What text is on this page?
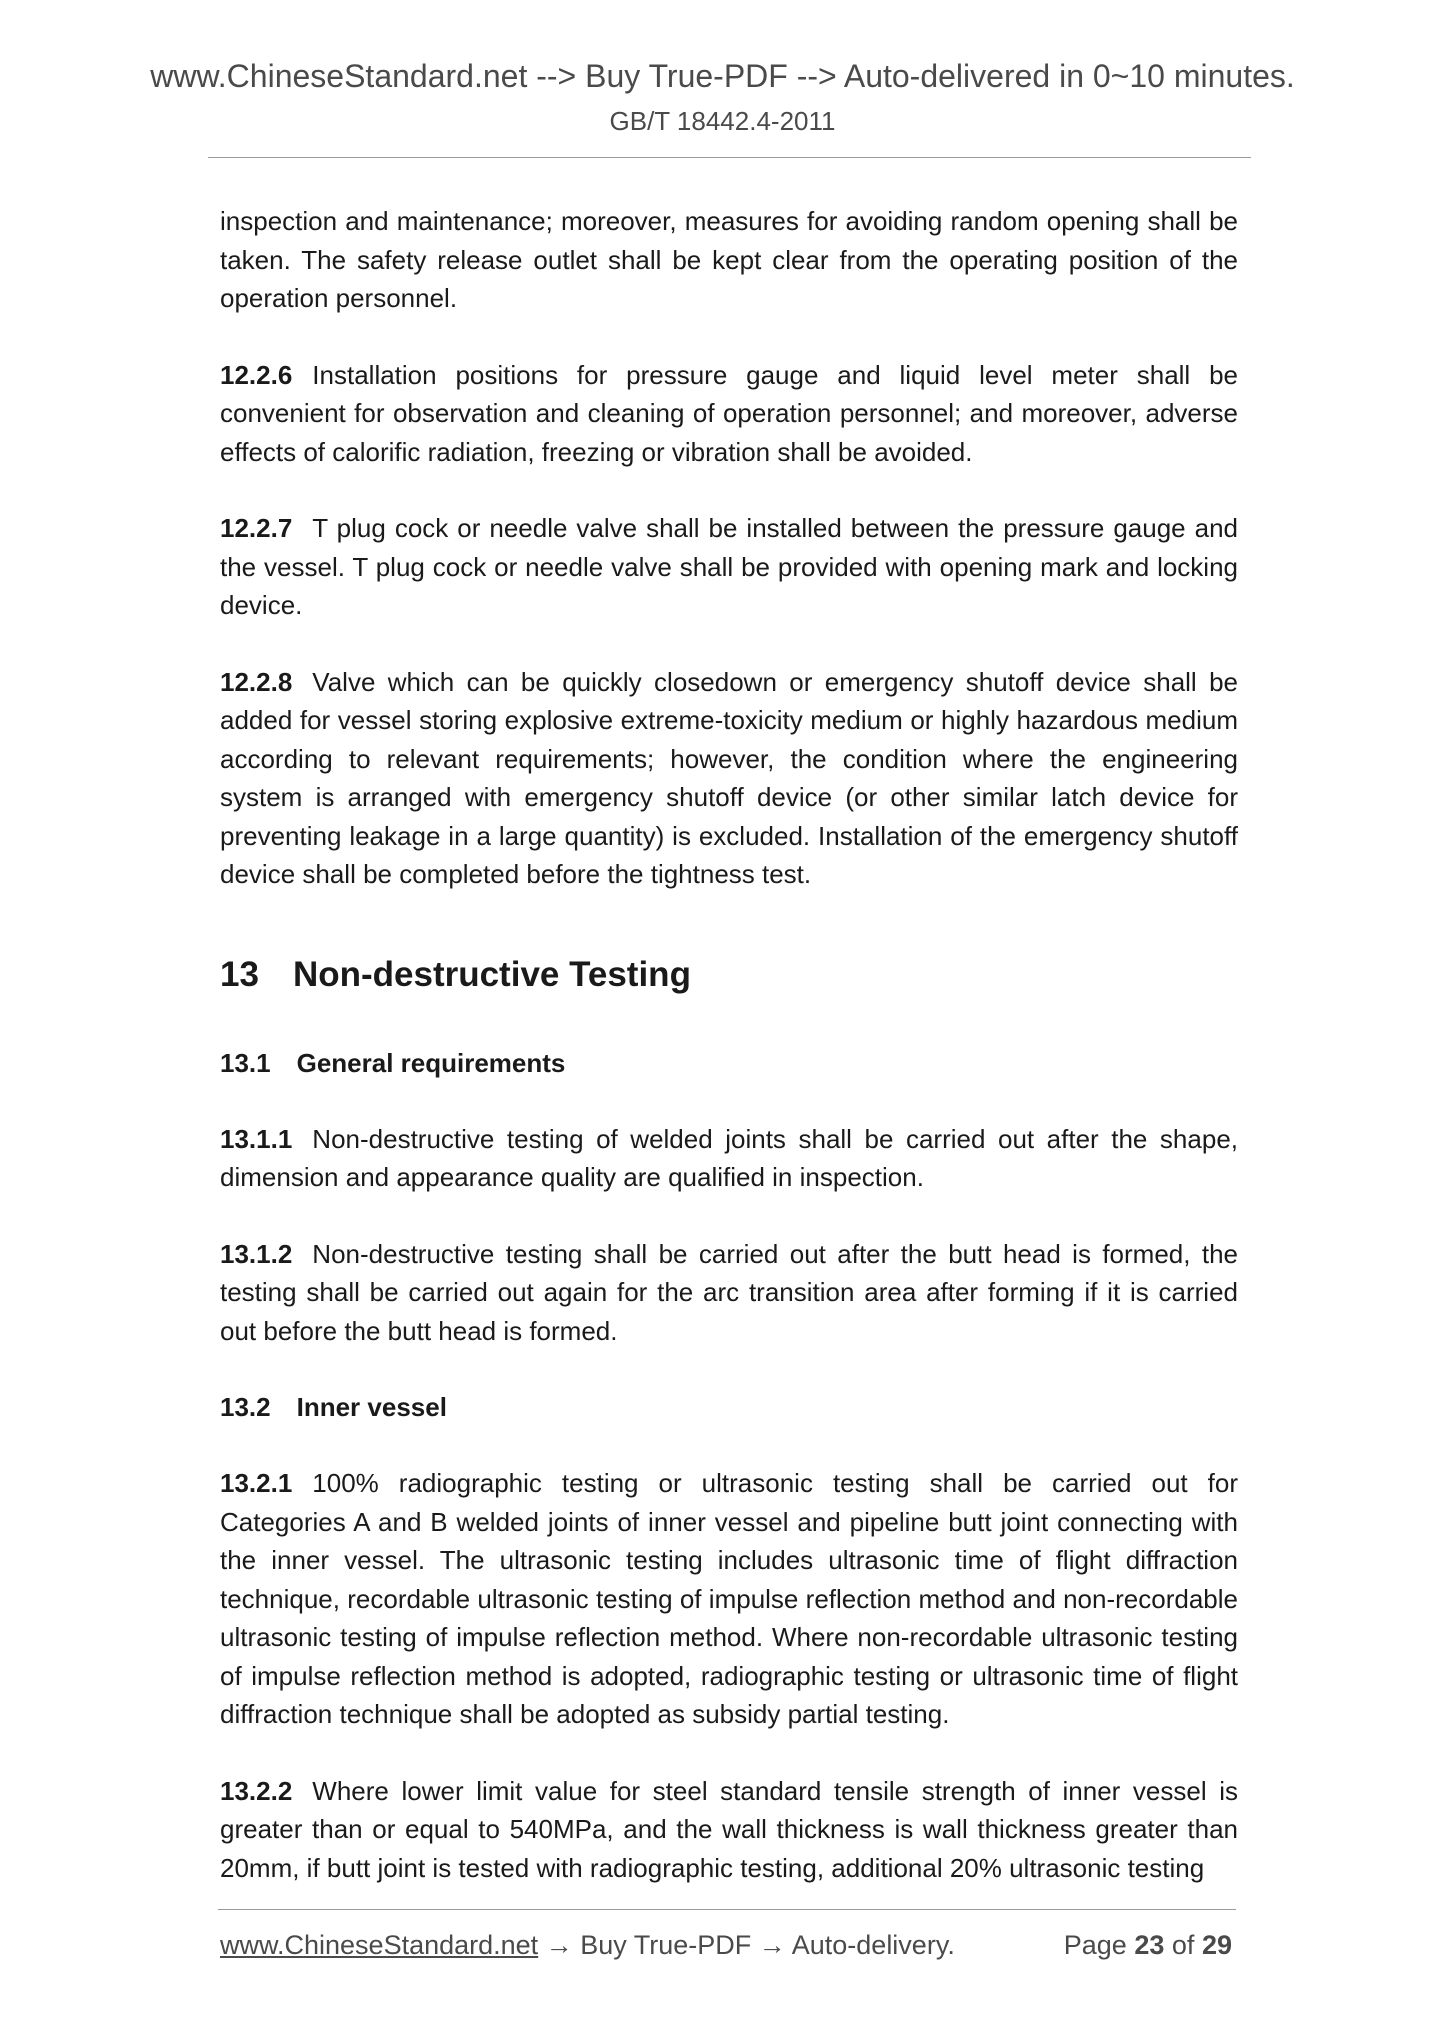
www.ChineseStandard.net --> Buy True-PDF --> Auto-delivered in 0~10 minutes.
GB/T 18442.4-2011

inspection and maintenance; moreover, measures for avoiding random opening shall be taken. The safety release outlet shall be kept clear from the operating position of the operation personnel.

12.2.6 Installation positions for pressure gauge and liquid level meter shall be convenient for observation and cleaning of operation personnel; and moreover, adverse effects of calorific radiation, freezing or vibration shall be avoided.

12.2.7 T plug cock or needle valve shall be installed between the pressure gauge and the vessel. T plug cock or needle valve shall be provided with opening mark and locking device.

12.2.8 Valve which can be quickly closedown or emergency shutoff device shall be added for vessel storing explosive extreme-toxicity medium or highly hazardous medium according to relevant requirements; however, the condition where the engineering system is arranged with emergency shutoff device (or other similar latch device for preventing leakage in a large quantity) is excluded. Installation of the emergency shutoff device shall be completed before the tightness test.

13 Non-destructive Testing
13.1 General requirements

13.1.1 Non-destructive testing of welded joints shall be carried out after the shape, dimension and appearance quality are qualified in inspection.

13.1.2 Non-destructive testing shall be carried out after the butt head is formed, the testing shall be carried out again for the arc transition area after forming if it is carried out before the butt head is formed.

13.2 Inner vessel

13.2.1 100% radiographic testing or ultrasonic testing shall be carried out for Categories A and B welded joints of inner vessel and pipeline butt joint connecting with the inner vessel. The ultrasonic testing includes ultrasonic time of flight diffraction technique, recordable ultrasonic testing of impulse reflection method and non-recordable ultrasonic testing of impulse reflection method. Where non-recordable ultrasonic testing of impulse reflection method is adopted, radiographic testing or ultrasonic time of flight diffraction technique shall be adopted as subsidy partial testing.

13.2.2 Where lower limit value for steel standard tensile strength of inner vessel is greater than or equal to 540MPa, and the wall thickness is wall thickness greater than 20mm, if butt joint is tested with radiographic testing, additional 20% ultrasonic testing

www.ChineseStandard.net → Buy True-PDF → Auto-delivery.	Page 23 of 29
